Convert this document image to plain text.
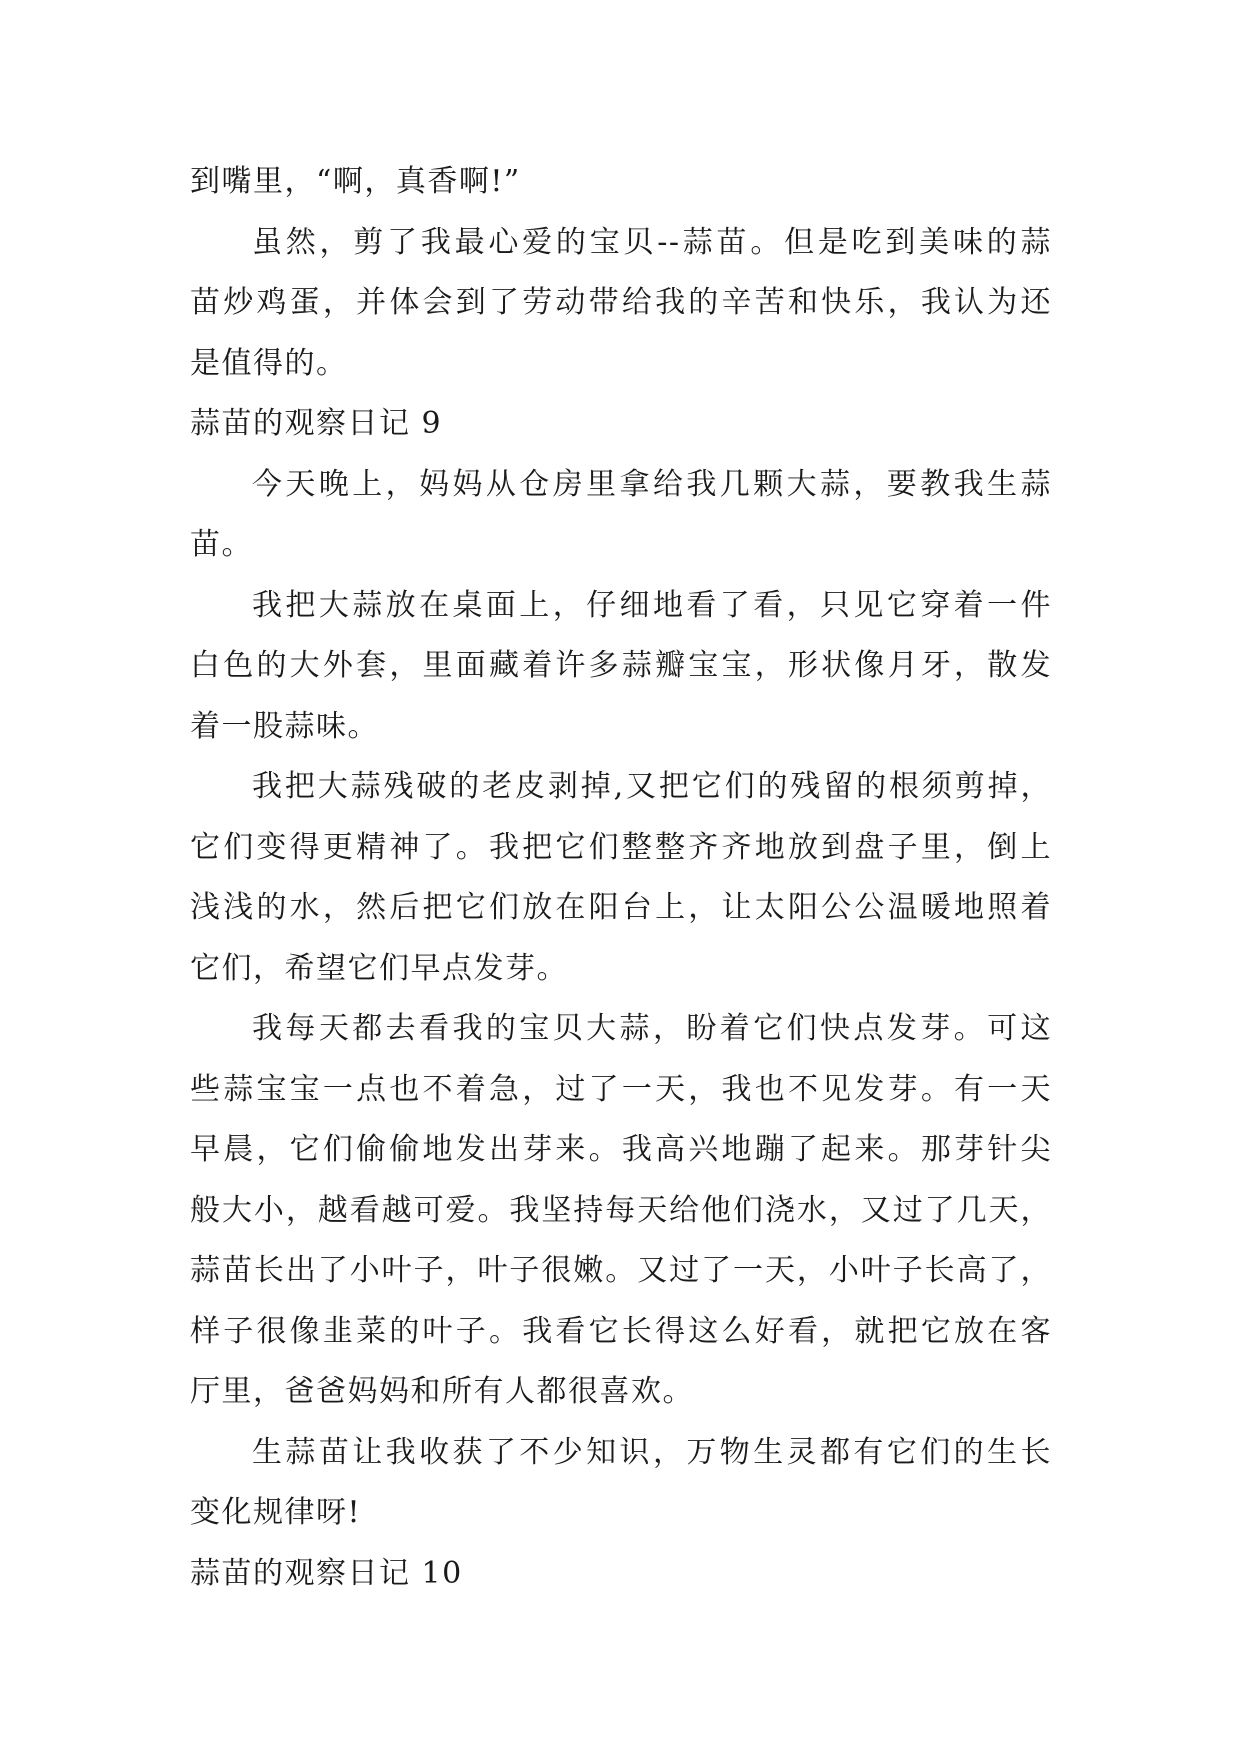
到嘴里，“啊，真香啊!”
虽然，剪了我最心爱的宝贝--蒜苗。但是吃到美味的蒜
苗炒鸡蛋，并体会到了劳动带给我的辛苦和快乐，我认为还
是值得的。
蒜苗的观察日记 9
今天晚上，妈妈从仓房里拿给我几颗大蒜，要教我生蒜
苗。
我把大蒜放在桌面上，仔细地看了看，只见它穿着一件
白色的大外套，里面藏着许多蒜瓣宝宝，形状像月牙，散发
着一股蒜味。
我把大蒜残破的老皮剥掉,又把它们的残留的根须剪掉，
它们变得更精神了。我把它们整整齐齐地放到盘子里，倒上
浅浅的水，然后把它们放在阳台上，让太阳公公温暖地照着
它们，希望它们早点发芽。
我每天都去看我的宝贝大蒜，盼着它们快点发芽。可这
些蒜宝宝一点也不着急，过了一天，我也不见发芽。有一天
早晨，它们偷偷地发出芽来。我高兴地蹦了起来。那芽针尖
般大小，越看越可爱。我坚持每天给他们浇水，又过了几天，
蒜苗长出了小叶子，叶子很嫩。又过了一天，小叶子长高了，
样子很像韭菜的叶子。我看它长得这么好看，就把它放在客
厅里，爸爸妈妈和所有人都很喜欢。
生蒜苗让我收获了不少知识，万物生灵都有它们的生长
变化规律呀!
蒜苗的观察日记 10
